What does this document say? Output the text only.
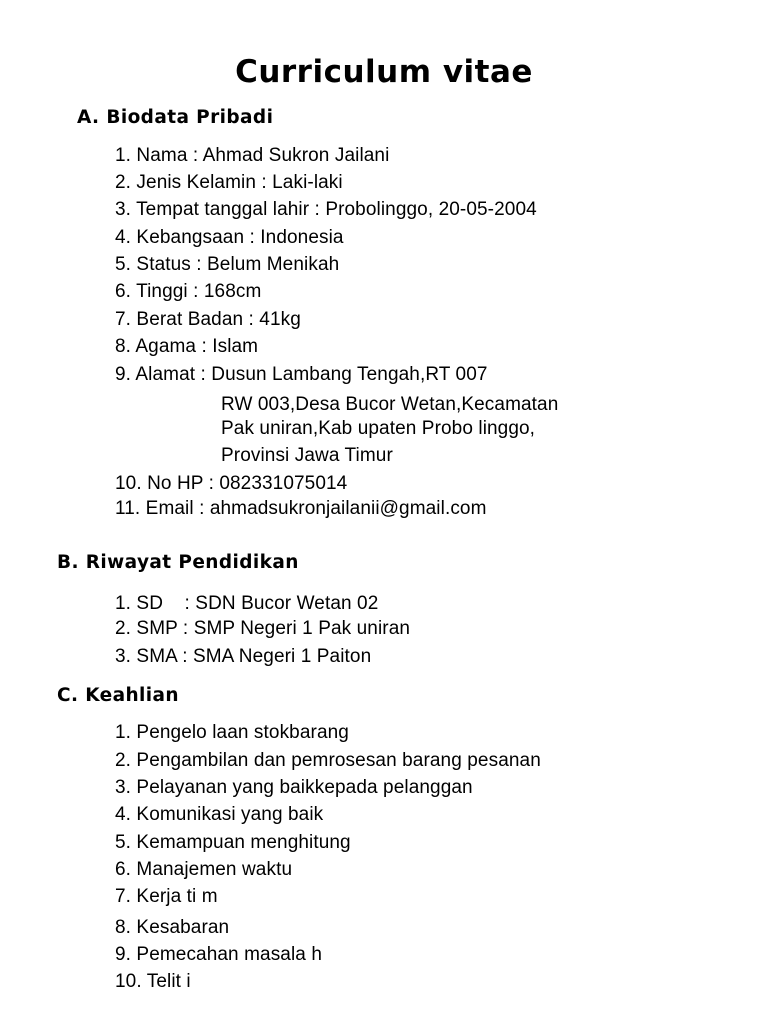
Curriculum vitae
A. Biodata Pribadi
1. Nama : Ahmad Sukron Jailani
2. Jenis Kelamin : Laki-laki
3. Tempat tanggal lahir : Probolinggo, 20-05-2004
4. Kebangsaan : Indonesia
5. Status : Belum Menikah
6. Tinggi : 168cm
7. Berat Badan : 41kg
8. Agama : Islam
9. Alamat : Dusun Lambang Tengah,RT 007
RW 003,Desa Bucor Wetan,Kecamatan
Pak uniran,Kab upaten Probo linggo,
Provinsi Jawa Timur
10. No HP : 082331075014
11. Email : ahmadsukronjailanii@gmail.com
B. Riwayat Pendidikan
1. SD    : SDN Bucor Wetan 02
2. SMP : SMP Negeri 1 Pak uniran
3. SMA : SMA Negeri 1 Paiton
C. Keahlian
1. Pengelo laan stokbarang
2. Pengambilan dan pemrosesan barang pesanan
3. Pelayanan yang baikkepada pelanggan
4. Komunikasi yang baik
5. Kemampuan menghitung
6. Manajemen waktu
7. Kerja ti m
8. Kesabaran
9. Pemecahan masala h
10. Telit i
